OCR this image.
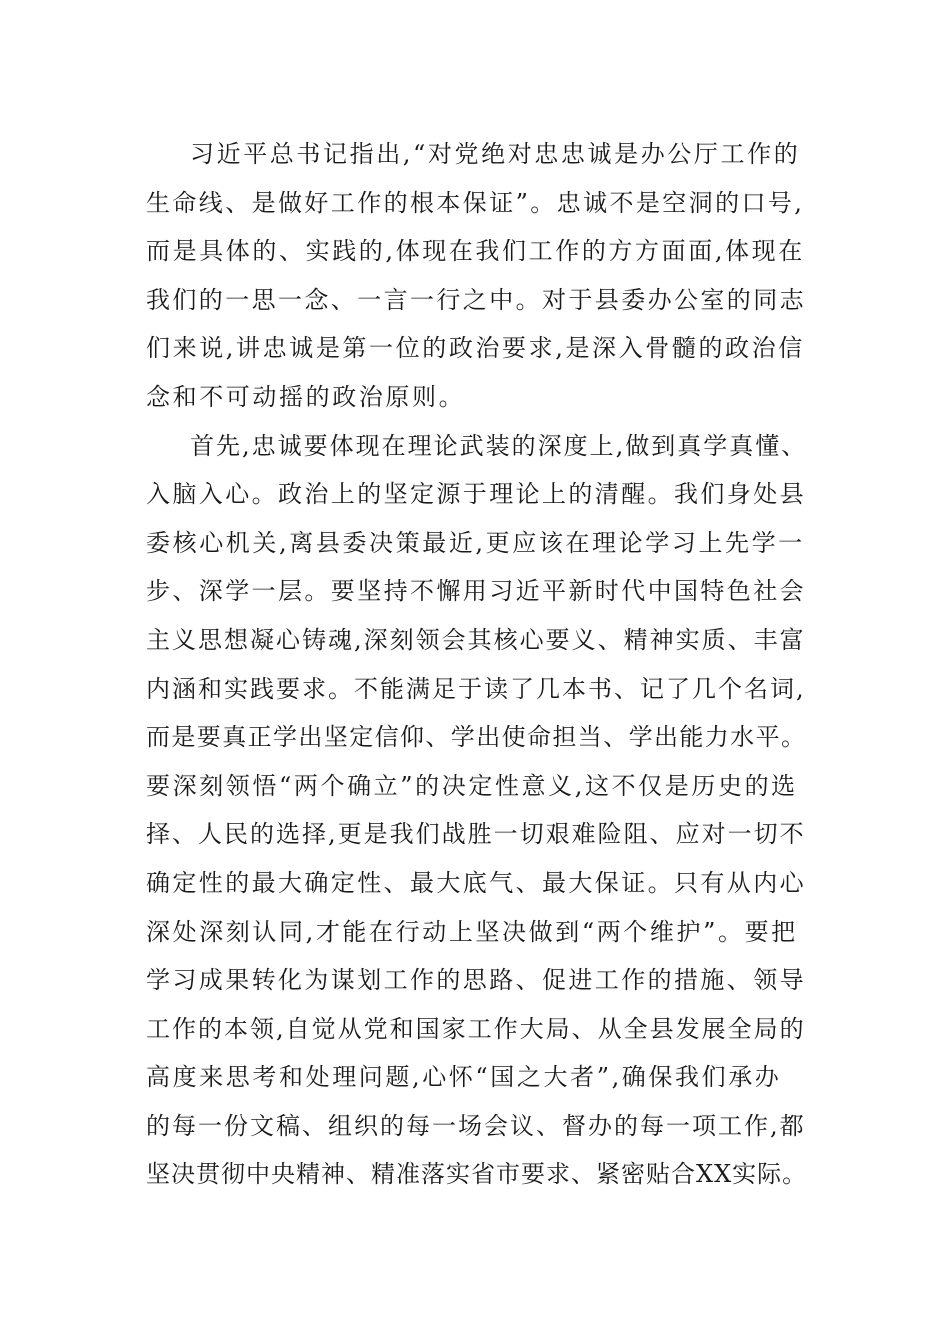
习近平总书记指出,“对党绝对忠忠诚是办公厅工作的
生命线、是做好工作的根本保证”。忠诚不是空洞的口号,
而是具体的、实践的,体现在我们工作的方方面面,体现在
我们的一思一念、一言一行之中。对于县委办公室的同志
们来说,讲忠诚是第一位的政治要求,是深入骨髓的政治信
念和不可动摇的政治原则。
首先,忠诚要体现在理论武装的深度上,做到真学真懂、
入脑入心。政治上的坚定源于理论上的清醒。我们身处县
委核心机关,离县委决策最近,更应该在理论学习上先学一
步、深学一层。要坚持不懈用习近平新时代中国特色社会
主义思想凝心铸魂,深刻领会其核心要义、精神实质、丰富
内涵和实践要求。不能满足于读了几本书、记了几个名词,
而是要真正学出坚定信仰、学出使命担当、学出能力水平。
要深刻领悟“两个确立”的决定性意义,这不仅是历史的选
择、人民的选择,更是我们战胜一切艰难险阻、应对一切不
确定性的最大确定性、最大底气、最大保证。只有从内心
深处深刻认同,才能在行动上坚决做到“两个维护”。要把
学习成果转化为谋划工作的思路、促进工作的措施、领导
工作的本领,自觉从党和国家工作大局、从全县发展全局的
高度来思考和处理问题,心怀“国之大者”,确保我们承办
的每一份文稿、组织的每一场会议、督办的每一项工作,都
坚决贯彻中央精神、精准落实省市要求、紧密贴合XX实际。
